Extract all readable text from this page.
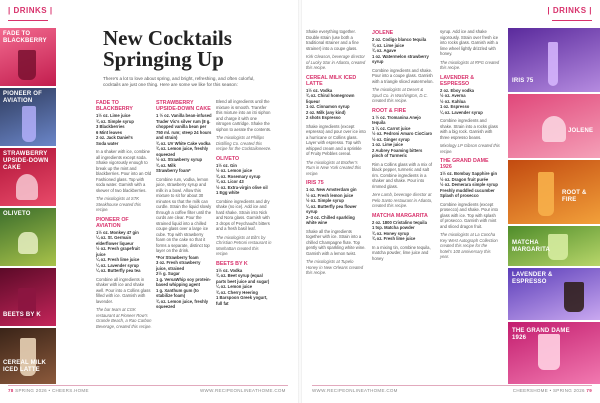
| DRINKS |	| DRINKS |
FADE TO BLACKBERRY
PIONEER OF AVIATION
STRAWBERRY UPSIDE-DOWN CAKE
OLIVETO
BEETS BY K
CEREAL MILK ICED LATTE
New Cocktails Springing Up
There's a lot to love about spring, and bright, refreshing, and often colorful, cocktails are just one thing. Here are some we like for this season:
FADE TO BLACKBERRY
1½ oz. Lime juice
¾ oz. Simple syrup
3 Blackberries
6 Mint leaves
2 oz. Jack Daniel's
Soda water
In a shaker with ice, combine all ingredients except soda. Shake vigorously enough to break up the mint and blackberries. Pour into an Old Fashioned glass. Top with soda water. Garnish with a skewer of two blackberries.
The mixologists at STK Steakhouse created this recipe.
PIONEER OF AVIATION
1½ oz. Monkey 47 gin
¼ oz. St. Germain
elderflower liqueur
½ oz. Fresh grapefruit
juice
¼ oz. Fresh lime juice
¼ oz. Lavender syrup
¼ oz. Butterfly pea tea
Combine all ingredients in shaker with ice and shake well. Pour into a Collins glass filled with ice. Garnish with lavender.
The bar team at CGK restaurant at Pioneer Row's Grande Beach, a Rao Carbon Beverage, created this recipe.
STRAWBERRY UPSIDE-DOWN CAKE
1 ½ oz. Vanilla bean-infused Trader Vic's silver rum (8 g. chopped vanilla bean per 750 ml. rum; steep 24 hours and strain)
¾ oz. UV White Cake vodka
¾ oz. Lemon juice, freshly squeezed
½ oz. Strawberry syrup
¾ oz. Milk
Strawberry foam*
Combine rum, vodka, lemon juice, strawberry syrup and milk in a bowl. Allow this mixture to sit for about 30 minutes so that the milk can curdle. Strain the liquid slowly through a coffee filter until the curds are clear. Pour the strained liquid into a chilled coupe glass over a large ice cube. Top with strawberry foam on the cake so that it forms a separate, distinct top layer on the drink.
*For Strawberry foam
3 oz. Fresh strawberry juice, strained
2½ g. Sugar
1 g. VersaWhip soy protein-based whipping agent
1 g. Xanthum gum (to stabilize foam)
¾ oz. Lemon juice, freshly squeezed
Blend all ingredients until the mixture is smooth. Transfer this mixture into an iSi siphon and charge it with one nitrogen cartridge. Shake the siphon to aerate the contents.
The mixologists at Phillips Distilling Co. created this recipe for the Cocktailoneeze.
OLIVETO
1½ oz. Gin
½ oz. Lemon juice
¾ oz. Rosemary syrup
¾ oz. Licor 43
½ oz. Extra-virgin olive oil
1 Egg white
Combine ingredients and dry shake (no ice). Add ice and hard shake. Strain into Nick and Nora glass. Garnish with 3 drops of Peychaud's bitters and a fresh basil leaf.
The mixologists at Bib's by Christian Petroni restaurant in Manhattan created this recipe.
BEETS BY K
1½ oz. Vodka
¾ oz. Beet syrup (equal parts beet juice and sugar)
¼ oz. Lemon juice
¾ oz. Cherry Heering
1 Barspoon Greek yogurt, full fat
Shake everything together. Double strain (use both a traditional strainer and a fine strainer) into a coupe glass.
Kirk Gleason, beverage director of Lucky Star in Atlanta, created this recipe.
CEREAL MILK ICED LATTE
1½ oz. Vodka
¾ oz. Chiral homegrown liqueur
1 oz. Cinnamon syrup
2 oz. Milk (any kind)
2 shots Espresso
Shake ingredients (except espresso) and pour over ice into a hurricane or Collins glass. Layer with espresso. Top with whipped cream and a sprinkle of Fruity Pebbles cereal.
The mixologists at Brother's Rum in New York created this recipe.
IRIS 75
1 oz. New Amsterdam gin
½ oz. Fresh lemon juice
½ oz. Simple syrup
¼ oz. Butterfly pea flower syrup
2–3 oz. Chilled sparkling white wine
Shake all the ingredients together with ice. Strain into a chilled Champagne flute. Top gently with sparkling white wine. Garnish with a lemon twist.
The mixologists at Tupelo Honey in New Orleans created this recipe.
JOLENE
2 oz. Codigo blanco tequila
¾ oz. Lime juice
¾ oz. Agave
1 oz. Watermelon strawberry syrup
Combine ingredients and shake. Pour into a coupe glass. Garnish with a triangle sliced watermelon.
The mixologists at Desert & Spud Co. in Washington, D.C. created this recipe.
ROOT & FIRE
1 ½ oz. Tromanina Anejo tequila
1 ¼ oz. Carrot juice
½ oz. Pedroni Amaro CioCiaro
½ oz. Ginger syrup
1 oz. Lime juice
2 Aubrey Foaming bitters pinch of Turmeric
Rim a Collins glass with a mix of black pepper, turmeric and salt rim. Combine ingredients in a shaker and shake. Pour into rimmed glass.
Jere Lamb, beverage director at Pelo Santo restaurant in Atlanta, created this recipe.
MATCHA MARGARITA
2 oz. 1800 Cristalino tequila
1 tsp. Matcha powder
¾ oz. Honey syrup
¾ oz. Fresh lime juice
In a mixing tin, combine tequila, matcha powder, lime juice and honey
syrup. Add ice and shake vigorously. Strain over fresh ice into rocks glass. Garnish with a lime wheel lightly drizzled with honey.
The mixologists at RPG created this recipe.
LAVENDER & ESPRESSO
2 oz. Eboy vodka
½ oz. Averna
½ oz. Kahlua
1 oz. Espresso
¼ oz. Lavender syrup
Combine ingredients and shake. Strain into a rocks glass with a big rock. Garnish with three espresso beans.
Mixology LP Gibson created this recipe.
THE GRAND DAME 1926
1½ oz. Bombay Sapphire gin
½ oz. Dragon fruit purée
½ oz. Demerara simple syrup
Freshly muddled cucumber
Splash of prosecco
Combine ingredients (except prosecco) and shake. Pour into glass with ice. Top with splash of prosecco. Garnish with mint and sliced dragon fruit.
The mixologists at La Concha Key West Autograph Collection created this recipe for the hotel's 100 anniversary this year.
IRIS 75
JOLENE
ROOT & FIRE
MATCHA MARGARITA
LAVENDER & ESPRESSO
THE GRAND DAME 1926
78 SPRING 2026 • CHEERS.HOME	WWW.RECIPEONLINEATHOME.COM	WWW.RECIPEONLINEATHOME.COM	CHEERSHOME • SPRING 2026 79
